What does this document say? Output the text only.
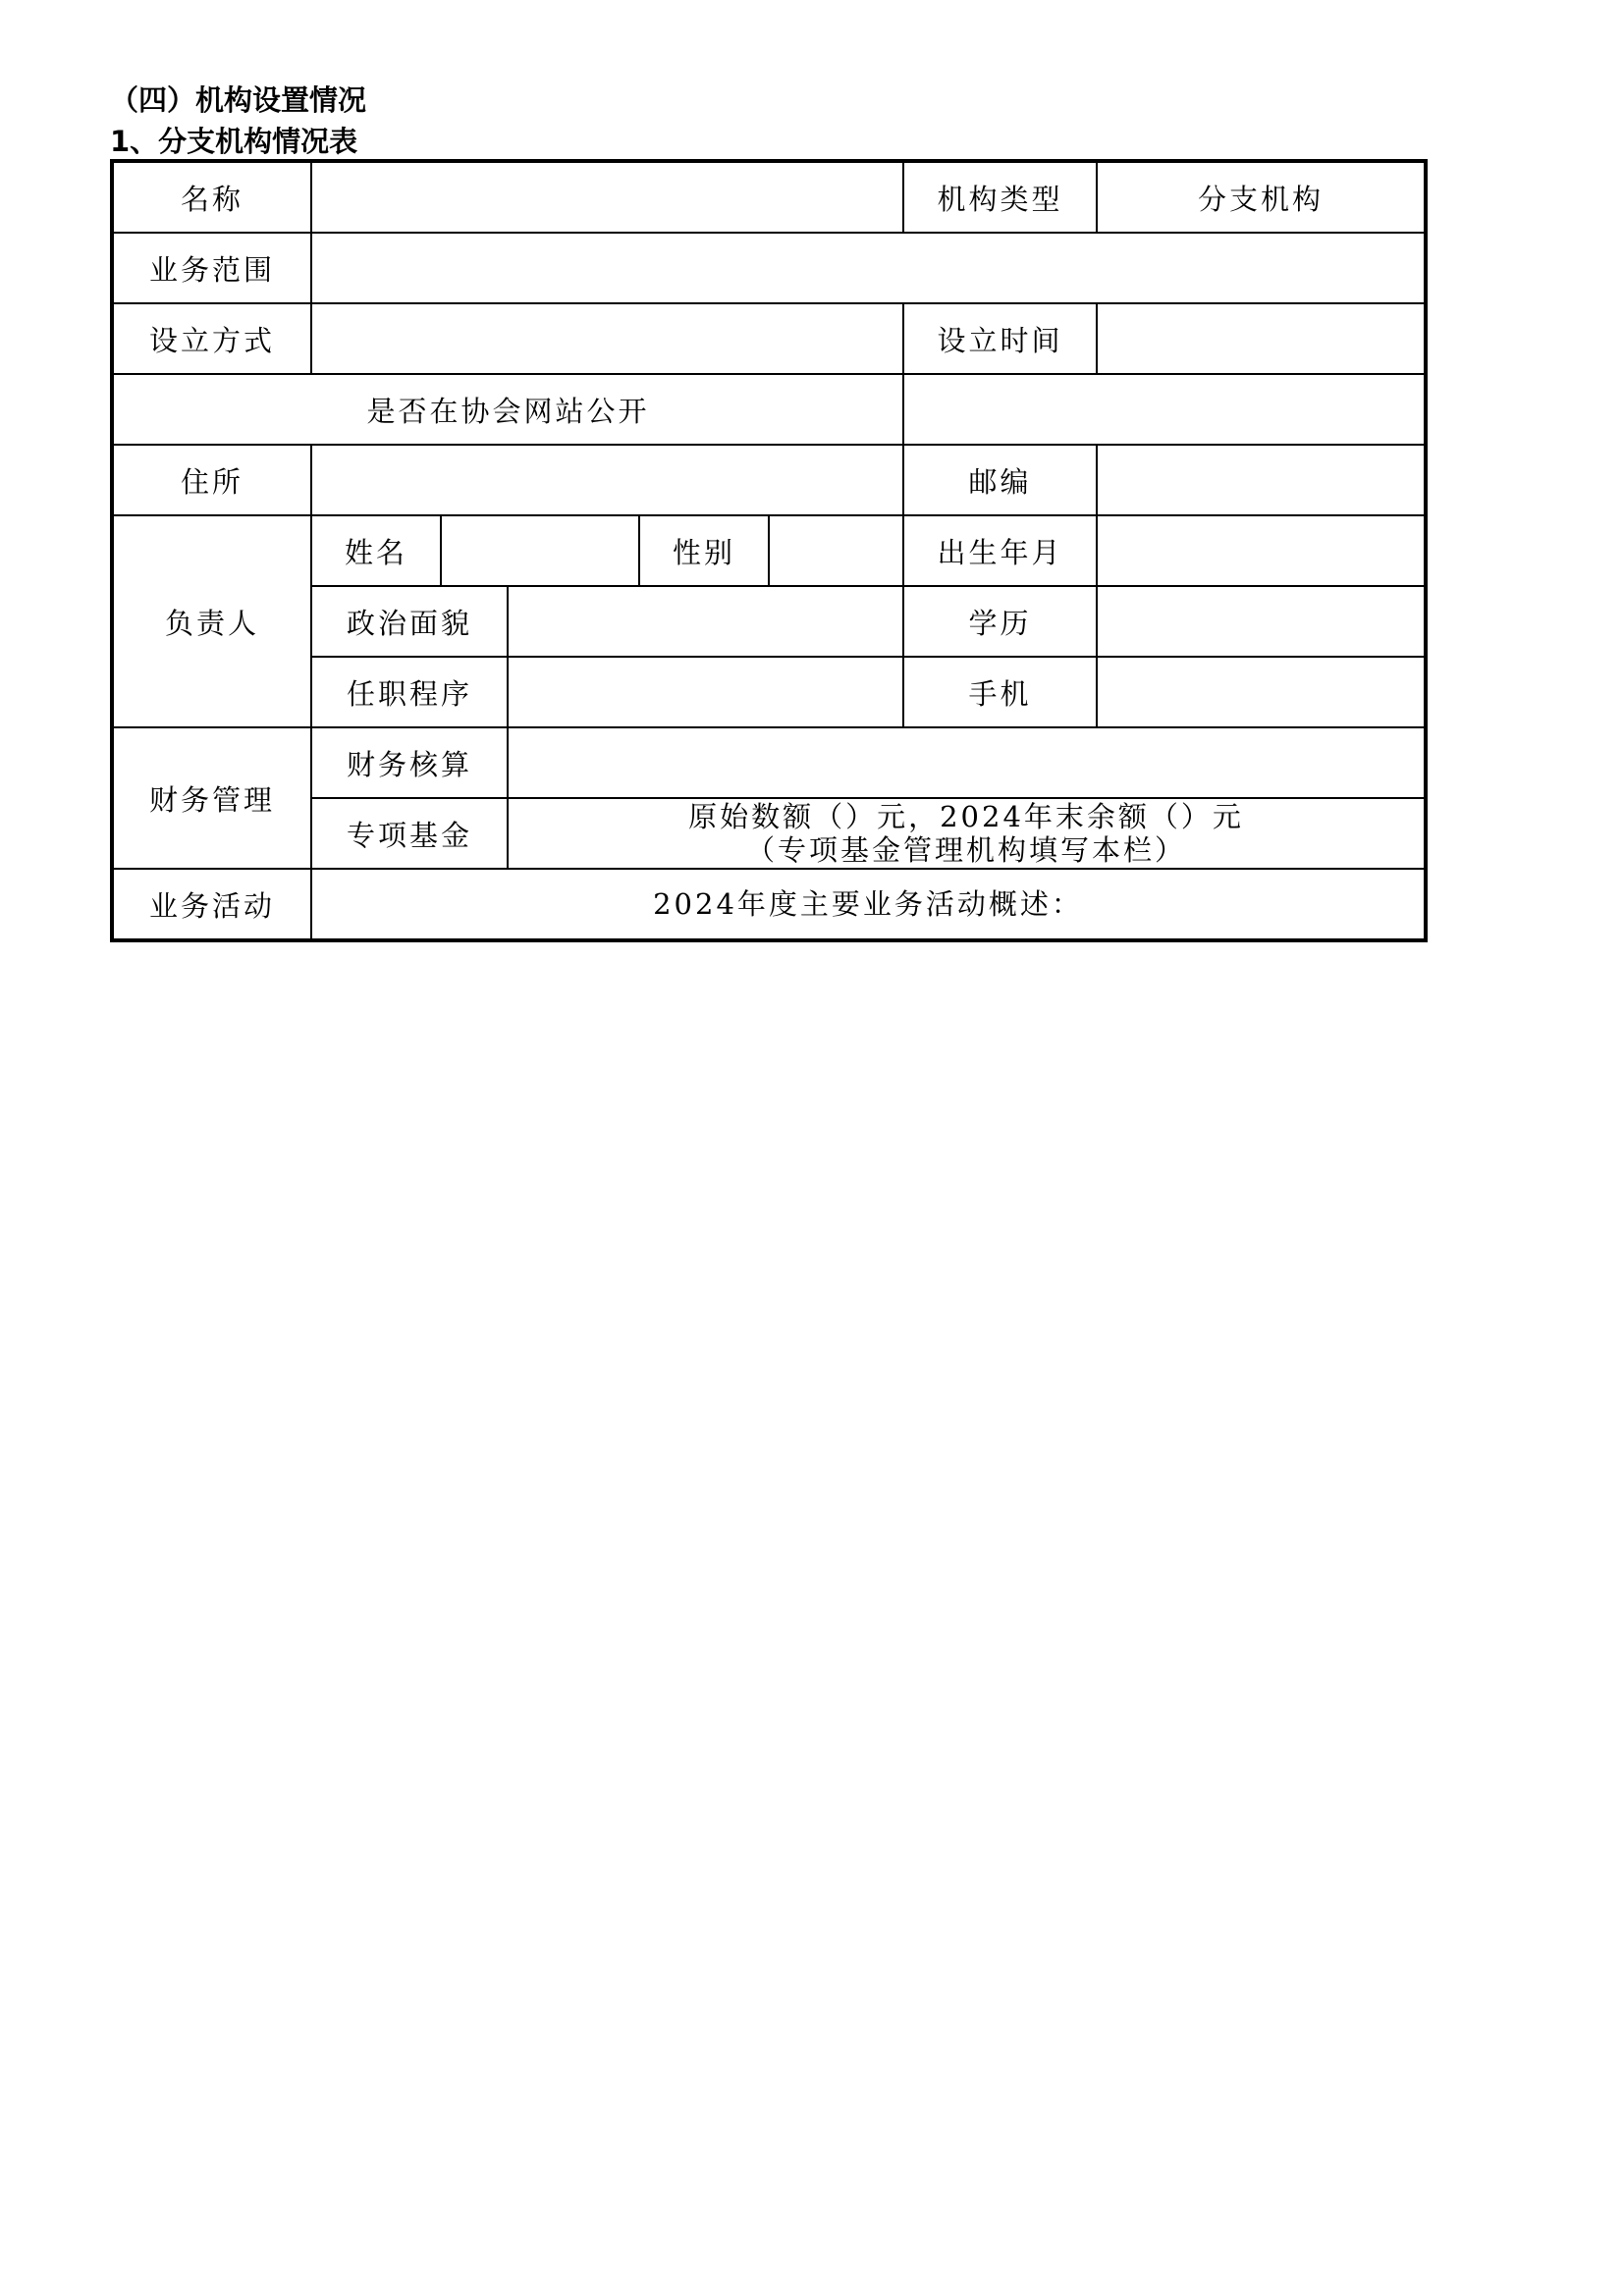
（四）机构设置情况
1、分支机构情况表
名称						机构类型	分支机构
业务范围							
设立方式						设立时间	
是否在协会网站公开							
住所						邮编	
负责人	姓名			性别		出生年月	
	政治面貌					学历	
	任职程序					手机	
财务管理	财务核算						
	专项基金		原始数额（）元，2024年末余额（）元
（专项基金管理机构填写本栏）				

业务活动	2024年度主要业务活动概述：						
